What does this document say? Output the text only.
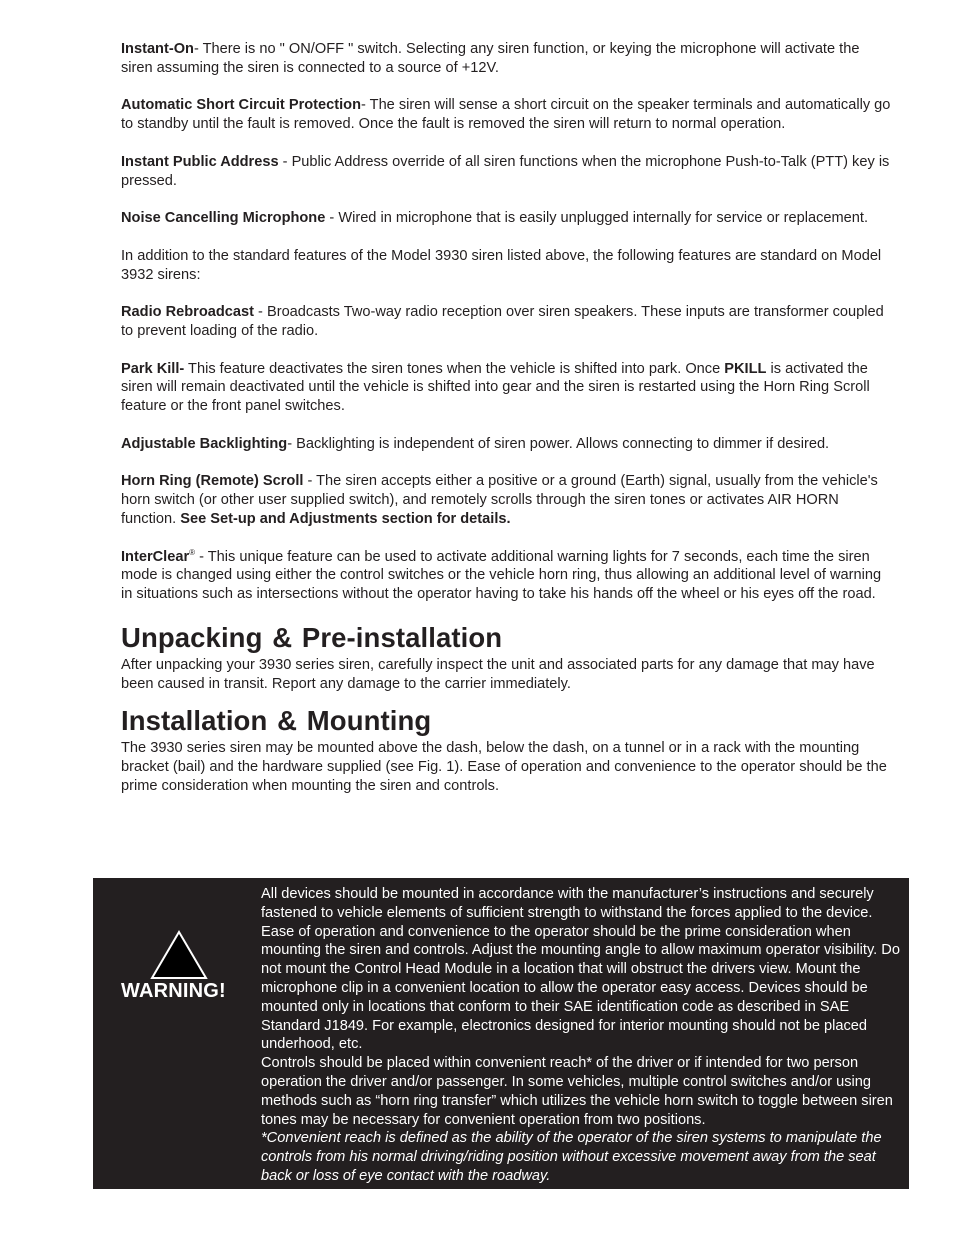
Instant-On- There is no " ON/OFF " switch. Selecting any siren function, or keying the microphone will activate the siren assuming the siren is connected to a source of +12V.

Automatic Short Circuit Protection- The siren will sense a short circuit on the speaker terminals and automatically go to standby until the fault is removed. Once the fault is removed the siren will return to normal operation.

Instant Public Address - Public Address override of all siren functions when the microphone Push-to-Talk (PTT) key is pressed.

Noise Cancelling Microphone - Wired in microphone that is easily unplugged internally for service or replacement.

In addition to the standard features of the Model 3930 siren listed above, the following features are standard on Model 3932 sirens:

Radio Rebroadcast - Broadcasts Two-way radio reception over siren speakers. These inputs are transformer coupled to prevent loading of the radio.

Park Kill- This feature deactivates the siren tones when the vehicle is shifted into park. Once PKILL is activated the siren will remain deactivated until the vehicle is shifted into gear and the siren is restarted using the Horn Ring Scroll feature or the front panel switches.

Adjustable Backlighting- Backlighting is independent of siren power. Allows connecting to dimmer if desired.

Horn Ring (Remote) Scroll - The siren accepts either a positive or a ground (Earth) signal, usually from the vehicle's horn switch (or other user supplied switch), and remotely scrolls through the siren tones or activates AIR HORN function. See Set-up and Adjustments section for details.

InterClear® - This unique feature can be used to activate additional warning lights for 7 seconds, each time the siren mode is changed using either the control switches or the vehicle horn ring, thus allowing an additional level of warning in situations such as intersections without the operator having to take his hands off the wheel or his eyes off the road.

Unpacking & Pre-installation

After unpacking your 3930 series siren, carefully inspect the unit and associated parts for any damage that may have been caused in transit. Report any damage to the carrier immediately.

Installation & Mounting

The 3930 series siren may be mounted above the dash, below the dash, on a tunnel or in a rack with the mounting bracket (bail) and the hardware supplied (see Fig. 1). Ease of operation and convenience to the operator should be the prime consideration when mounting the siren and controls.

WARNING!

All devices should be mounted in accordance with the manufacturer’s instructions and securely fastened to vehicle elements of sufficient strength to withstand the forces applied to the device. Ease of operation and convenience to the operator should be the prime consideration when mounting the siren and controls. Adjust the mounting angle to allow maximum operator visibility. Do not mount the Control Head Module in a location that will obstruct the drivers view. Mount the microphone clip in a convenient location to allow the operator easy access. Devices should be mounted only in locations that conform to their SAE identification code as described in SAE Standard J1849. For example, electronics designed for interior mounting should not be placed underhood, etc.

Controls should be placed within convenient reach* of the driver or if intended for two person operation the driver and/or passenger. In some vehicles, multiple control switches and/or using methods such as “horn ring transfer” which utilizes the vehicle horn switch to toggle between siren tones may be necessary for convenient operation from two positions.

*Convenient reach is defined as the ability of the operator of the siren systems to manipulate the controls from his normal driving/riding position without excessive movement away from the seat back or loss of eye contact with the roadway.
